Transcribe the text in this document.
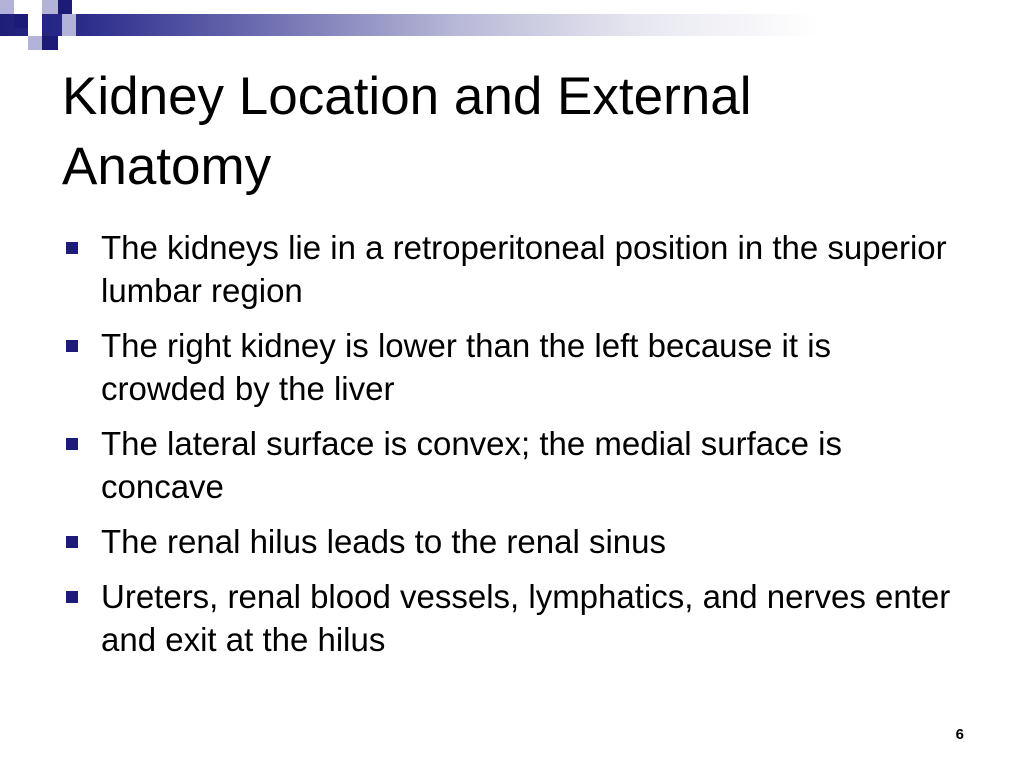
Kidney Location and External Anatomy
The kidneys lie in a retroperitoneal position in the superior lumbar region
The right kidney is lower than the left because it is crowded by the liver
The lateral surface is convex; the medial surface is concave
The renal hilus leads to the renal sinus
Ureters, renal blood vessels, lymphatics, and nerves enter and exit at the hilus
6
